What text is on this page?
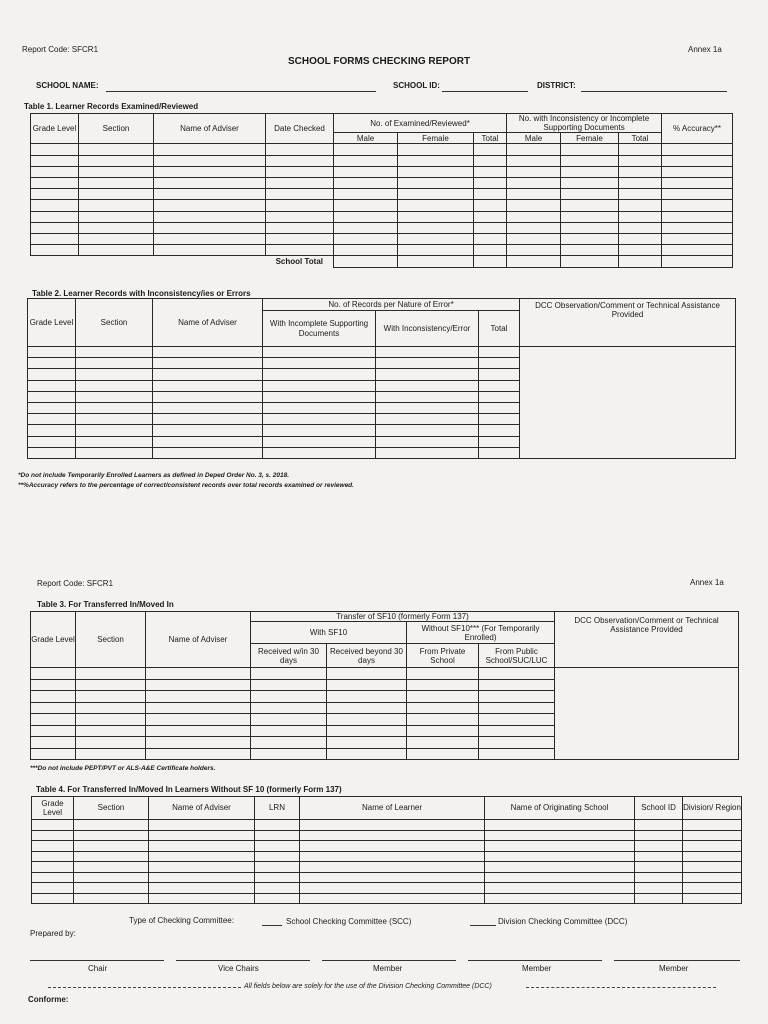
Report Code: SFCR1	Annex 1a
SCHOOL FORMS CHECKING REPORT
SCHOOL NAME:	SCHOOL ID:	DISTRICT:
Table 1. Learner Records Examined/Reviewed
Grade Level	Section	Name of Adviser	Date Checked	No. of Examined/Reviewed*			No. with Inconsistency or Incomplete Supporting Documents			% Accuracy**
				Male	Female	Total	Male	Female	Total	

School Total										
Table 2. Learner Records with Inconsistency/ies or Errors
Grade Level	Section	Name of Adviser	No. of Records per Nature of Error*			DCC Observation/Comment or Technical Assistance Provided
			With Incomplete Supporting Documents	With Inconsistency/Error	Total	

*Do not include Temporarily Enrolled Learners as defined in Deped Order No. 3, s. 2018.
**%Accuracy refers to the percentage of correct/consistent records over total records examined or reviewed.
Report Code: SFCR1	Annex 1a
Table 3. For Transferred In/Moved In
Grade Level	Section	Name of Adviser	Transfer of SF10 (formerly Form 137)				DCC Observation/Comment or Technical Assistance Provided
			With SF10		Without SF10*** (For Temporarily Enrolled)		
			Received w/in 30 days	Received beyond 30 days	From Private School	From Public School/SUC/LUC	

***Do not include PEPT/PVT or ALS-A&E Certificate holders.
Table 4. For Transferred In/Moved In Learners Without SF 10 (formerly Form 137)
Grade Level	Section	Name of Adviser	LRN	Name of Learner	Name of Originating School	School ID	Division/ Region

Type of Checking Committee:	School Checking Committee (SCC)	Division Checking Committee (DCC)
Prepared by:
Chair	Vice Chairs	Member	Member	Member
All fields below are solely for the use of the Division Checking Committee (DCC)
Conforme:
